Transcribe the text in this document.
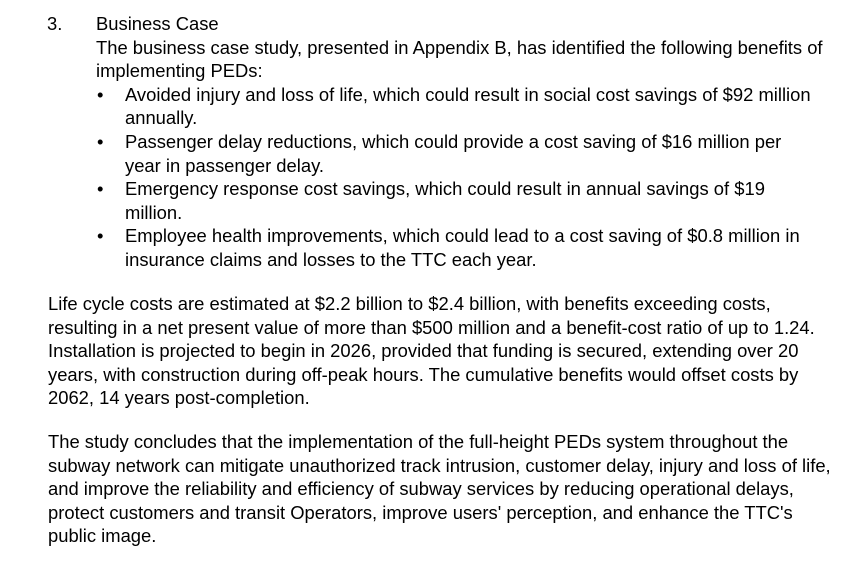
3. Business Case

The business case study, presented in Appendix B, has identified the following benefits of implementing PEDs:

• Avoided injury and loss of life, which could result in social cost savings of $92 million annually.
• Passenger delay reductions, which could provide a cost saving of $16 million per year in passenger delay.
• Emergency response cost savings, which could result in annual savings of $19 million.
• Employee health improvements, which could lead to a cost saving of $0.8 million in insurance claims and losses to the TTC each year.

Life cycle costs are estimated at $2.2 billion to $2.4 billion, with benefits exceeding costs, resulting in a net present value of more than $500 million and a benefit-cost ratio of up to 1.24. Installation is projected to begin in 2026, provided that funding is secured, extending over 20 years, with construction during off-peak hours. The cumulative benefits would offset costs by 2062, 14 years post-completion.

The study concludes that the implementation of the full-height PEDs system throughout the subway network can mitigate unauthorized track intrusion, customer delay, injury and loss of life, and improve the reliability and efficiency of subway services by reducing operational delays, protect customers and transit Operators, improve users' perception, and enhance the TTC's public image.
